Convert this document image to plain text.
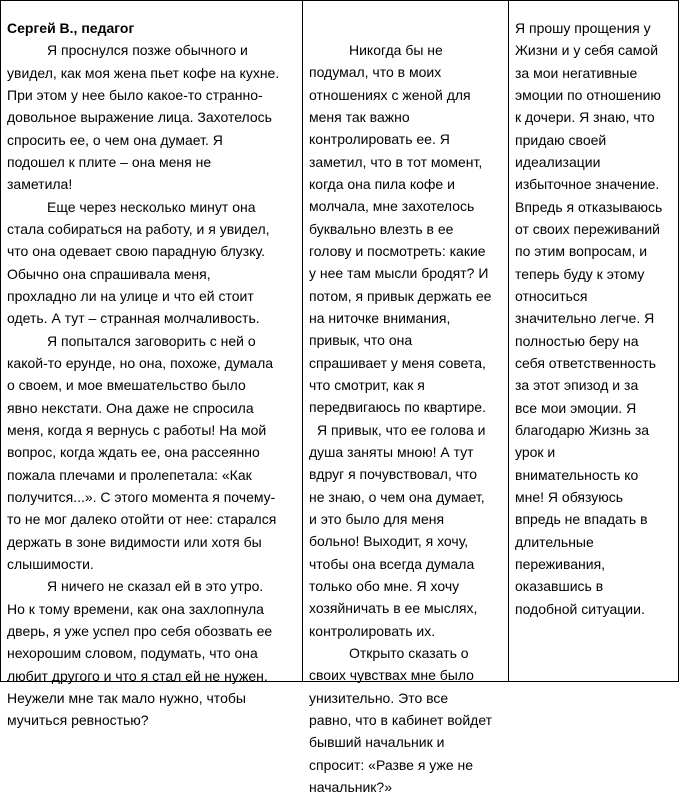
Сергей В., педагог
Я проснулся позже обычного и
увидел, как моя жена пьет кофе на кухне.
При этом у нее было какое-то странно-
довольное выражение лица. Захотелось
спросить ее, о чем она думает. Я
подошел к плите – она меня не
заметила!
Еще через несколько минут она
стала собираться на работу, и я увидел,
что она одевает свою парадную блузку.
Обычно она спрашивала меня,
прохладно ли на улице и что ей стоит
одеть. А тут – странная молчаливость.
Я попытался заговорить с ней о
какой-то ерунде, но она, похоже, думала
о своем, и мое вмешательство было
явно некстати. Она даже не спросила
меня, когда я вернусь с работы! На мой
вопрос, когда ждать ее, она рассеянно
пожала плечами и пролепетала: «Как
получится...». С этого момента я почему-
то не мог далеко отойти от нее: старался
держать в зоне видимости или хотя бы
слышимости.
Я ничего не сказал ей в это утро.
Но к тому времени, как она захлопнула
дверь, я уже успел про себя обозвать ее
нехорошим словом, подумать, что она
любит другого и что я стал ей не нужен.
Неужели мне так мало нужно, чтобы
мучиться ревностью?
Никогда бы не
подумал, что в моих
отношениях с женой для
меня так важно
контролировать ее. Я
заметил, что в тот момент,
когда она пила кофе и
молчала, мне захотелось
буквально влезть в ее
голову и посмотреть: какие
у нее там мысли бродят? И
потом, я привык держать ее
на ниточке внимания,
привык, что она
спрашивает у меня совета,
что смотрит, как я
передвигаюсь по квартире.
Я привык, что ее голова и
душа заняты мною! А тут
вдруг я почувствовал, что
не знаю, о чем она думает,
и это было для меня
больно! Выходит, я хочу,
чтобы она всегда думала
только обо мне. Я хочу
хозяйничать в ее мыслях,
контролировать их.
Открыто сказать о
своих чувствах мне было
унизительно. Это все
равно, что в кабинет войдет
бывший начальник и
спросит: «Разве я уже не
начальник?»
Я прошу прощения у
Жизни и у себя самой
за мои негативные
эмоции по отношению
к дочери. Я знаю, что
придаю своей
идеализации
избыточное значение.
Впредь я отказываюсь
от своих переживаний
по этим вопросам, и
теперь буду к этому
относиться
значительно легче. Я
полностью беру на
себя ответственность
за этот эпизод и за
все мои эмоции. Я
благодарю Жизнь за
урок и
внимательность ко
мне! Я обязуюсь
впредь не впадать в
длительные
переживания,
оказавшись в
подобной ситуации.
